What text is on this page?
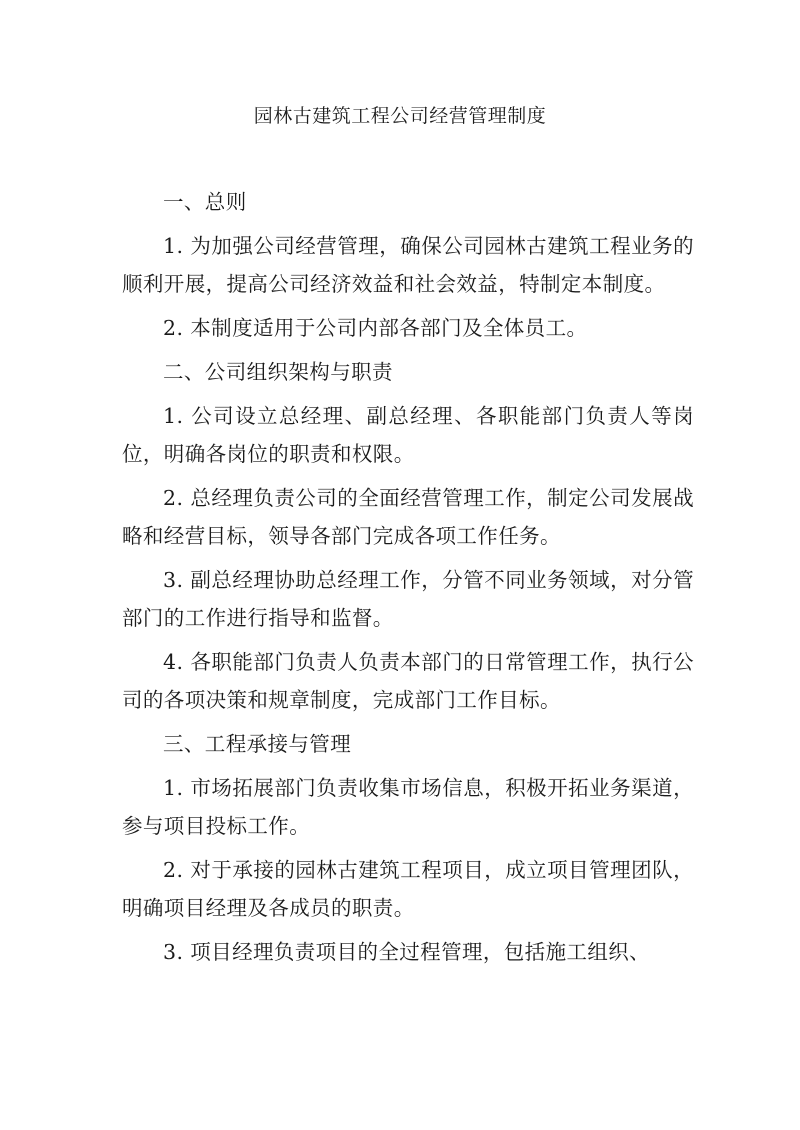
园林古建筑工程公司经营管理制度
一、总则

1. 为加强公司经营管理，确保公司园林古建筑工程业务的顺利开展，提高公司经济效益和社会效益，特制定本制度。

2. 本制度适用于公司内部各部门及全体员工。

二、公司组织架构与职责

1. 公司设立总经理、副总经理、各职能部门负责人等岗位，明确各岗位的职责和权限。

2. 总经理负责公司的全面经营管理工作，制定公司发展战略和经营目标，领导各部门完成各项工作任务。

3. 副总经理协助总经理工作，分管不同业务领域，对分管部门的工作进行指导和监督。

4. 各职能部门负责人负责本部门的日常管理工作，执行公司的各项决策和规章制度，完成部门工作目标。

三、工程承接与管理

1. 市场拓展部门负责收集市场信息，积极开拓业务渠道，参与项目投标工作。

2. 对于承接的园林古建筑工程项目，成立项目管理团队，明确项目经理及各成员的职责。

3. 项目经理负责项目的全过程管理，包括施工组织、
